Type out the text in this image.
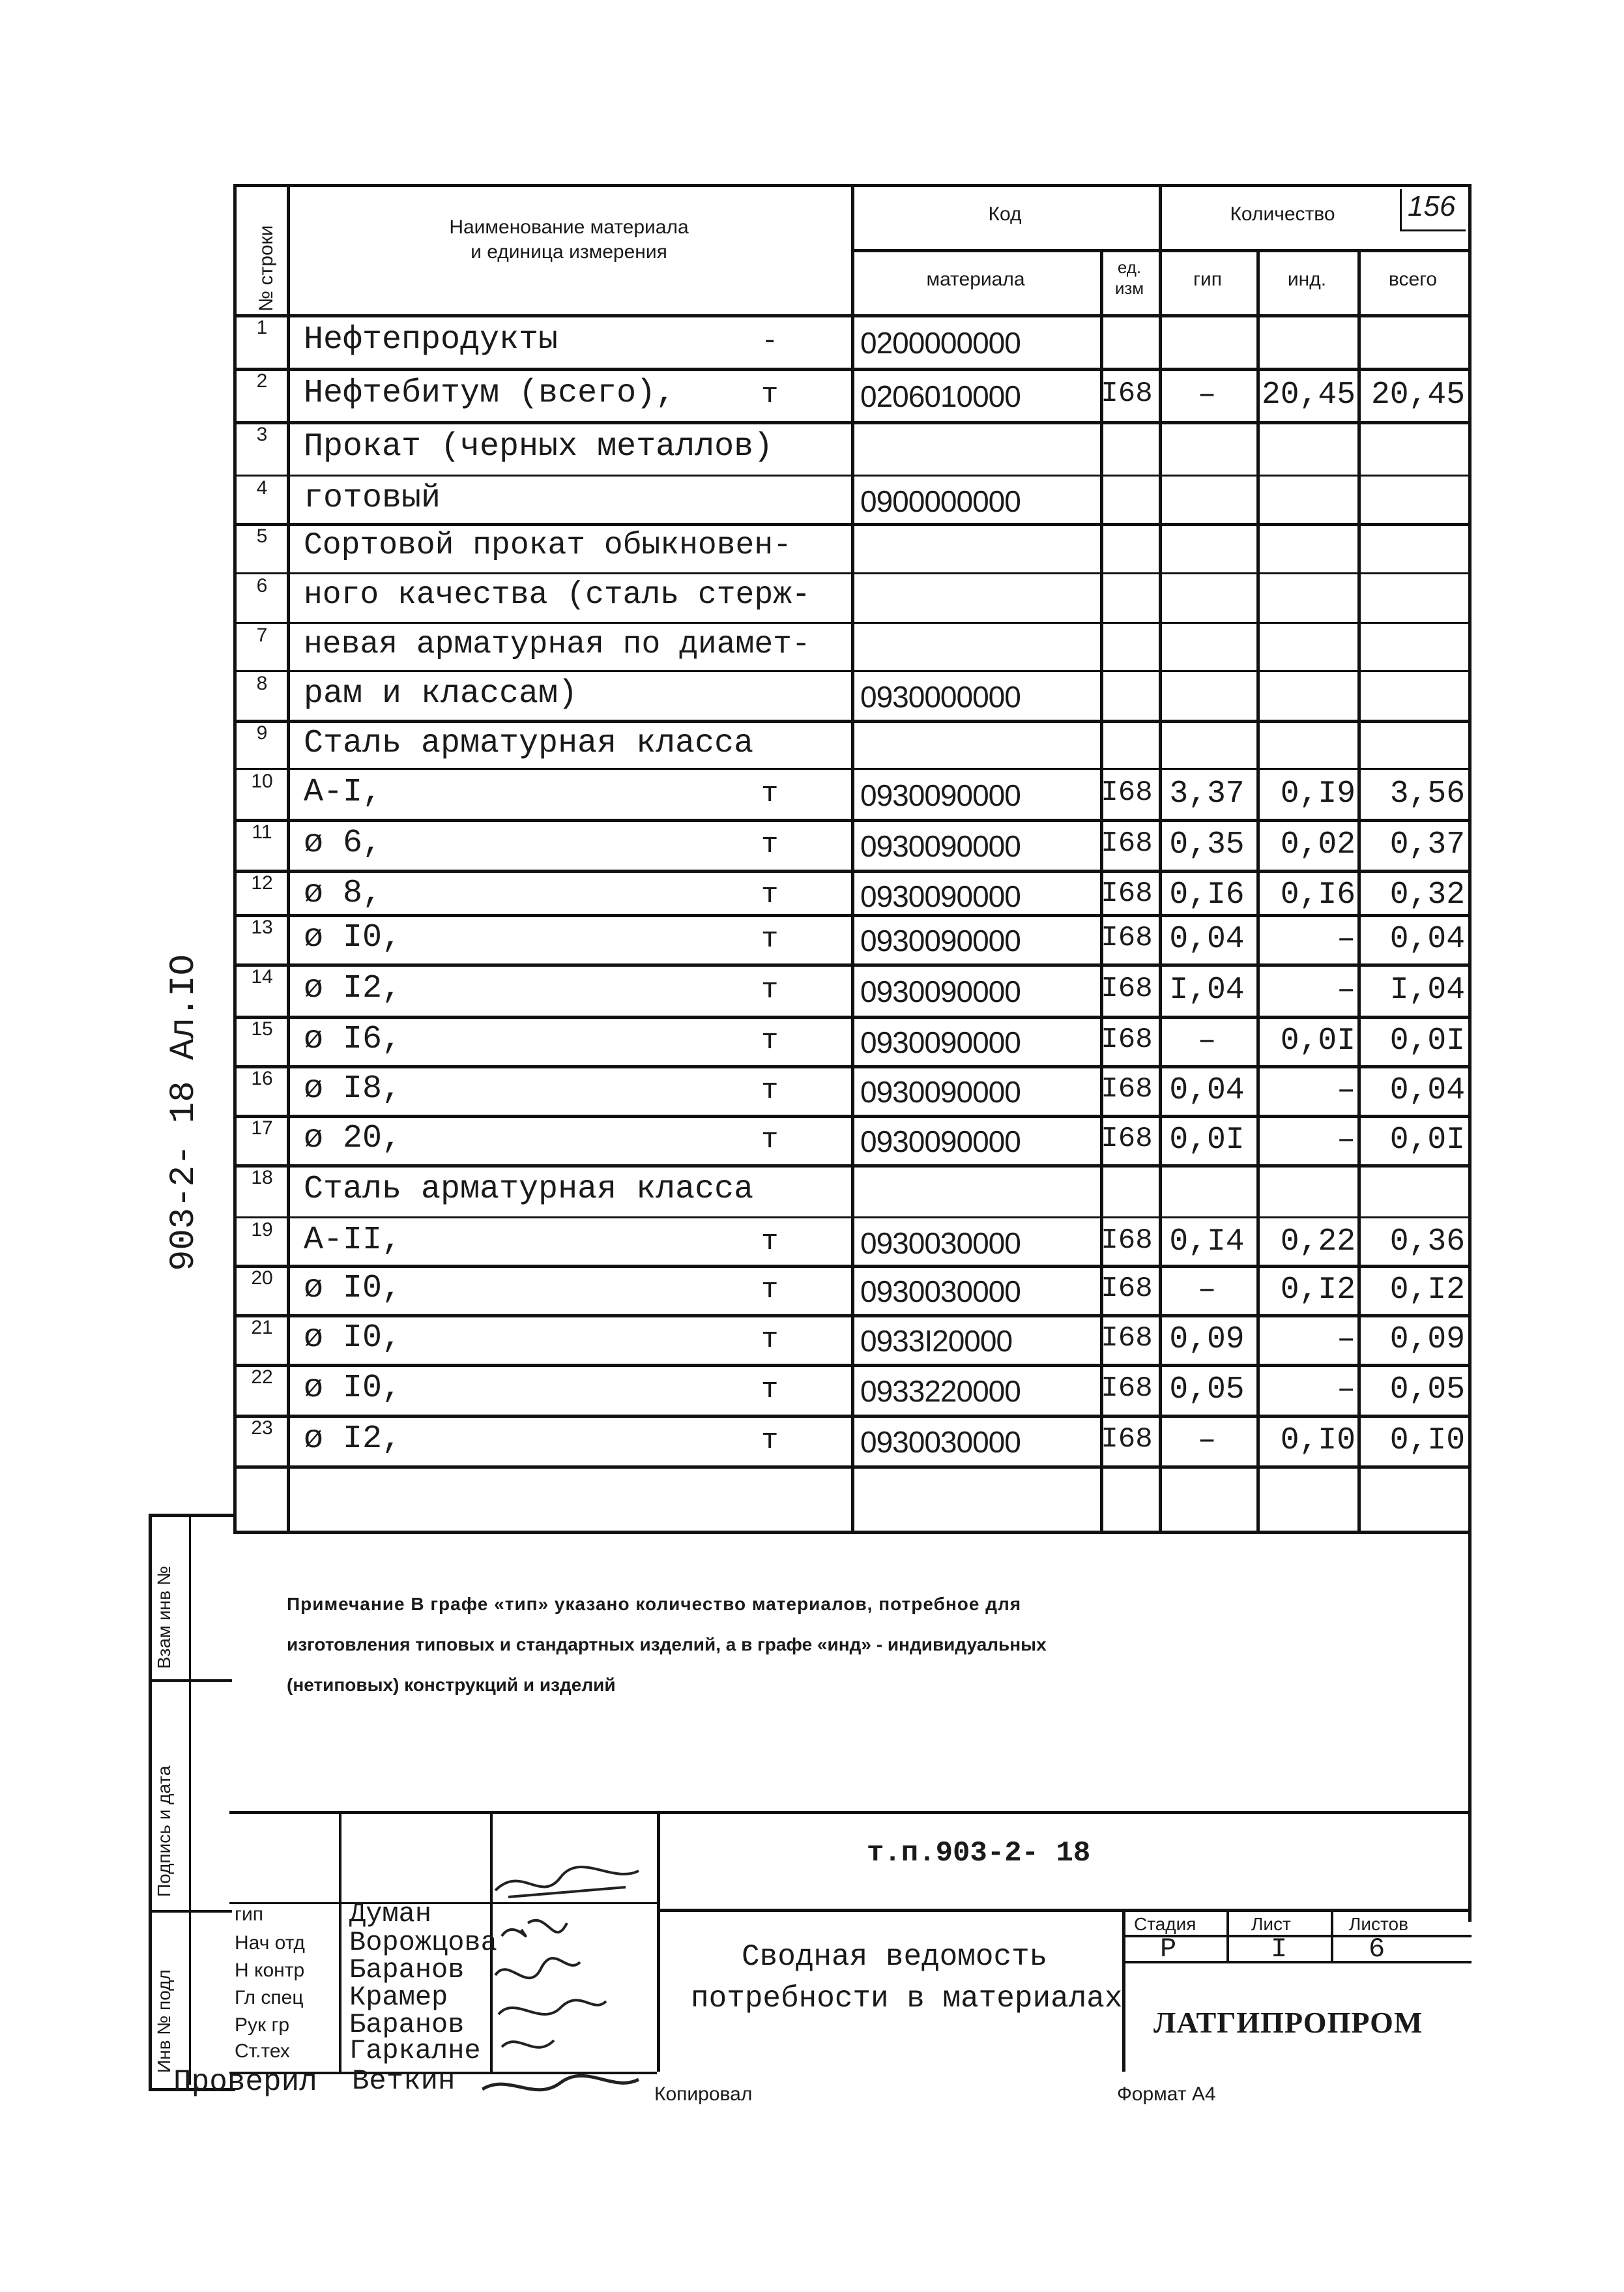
156
903-2- 18 Ал.IO
№ строки	Наименование материала
и единица измерения
Код
материала
ед.
изм
Количество
гип	инд.	всего
1	Нефтепродукты	-	0200000000
2	Нефтебитум (всего),	т	0206010000	I68	–	20,45 20,45
3	Прокат (черных металлов)
4	готовый	0900000000
5	Сортовой прокат обыкновен-
6	ного качества (сталь стерж-
7	невая арматурная по диамет-
8	рам и классам)	0930000000
9	Сталь арматурная класса
10 A-I,	т	0930090000	I68 3,37	0,I9	3,56
11 ø 6,	т	0930090000	I68 0,35	0,02	0,37
12 ø 8,	т	0930090000	I68 0,I6	0,I6	0,32
13 ø I0,	т	0930090000	I68 0,04	–	0,04
14 ø I2,	т	0930090000	I68 I,04	–	I,04
15 ø I6,	т	0930090000	I68	–	0,0I	0,0I
16 ø I8,	т	0930090000	I68 0,04	–	0,04
17 ø 20,	т	0930090000	I68 0,0I	–	0,0I
18 Сталь арматурная класса
19 A-II,	т	0930030000	I68 0,I4	0,22	0,36
20 ø I0,	т	0930030000	I68	–	0,I2	0,I2
21 ø I0,	т	0933I20000	I68 0,09	–	0,09
22 ø I0,	т	0933220000	I68 0,05	–	0,05
23 ø I2,	т	0930030000	I68	–	0,I0	0,I0
Примечание В графе «тип» указано количество материалов, потребное для
изготовления типовых и стандартных изделий, а в графе «инд» - индивидуальных
(нетиповых) конструкций и изделий
Взам инв №
Подпись и дата
Инв № подл
т.п.903-2- 18
Сводная ведомость
потребности в материалах
Стадия	Лист	Листов
Р	I	6
ЛАТГИПРОПРОМ
гип	Думан
Нач отд Ворожцова
Н контр Баранов
Гл спец Крамер
Рук гр Баранов
Ст.тех Гаркалне
Проверил Веткин	Копировал	Формат А4
